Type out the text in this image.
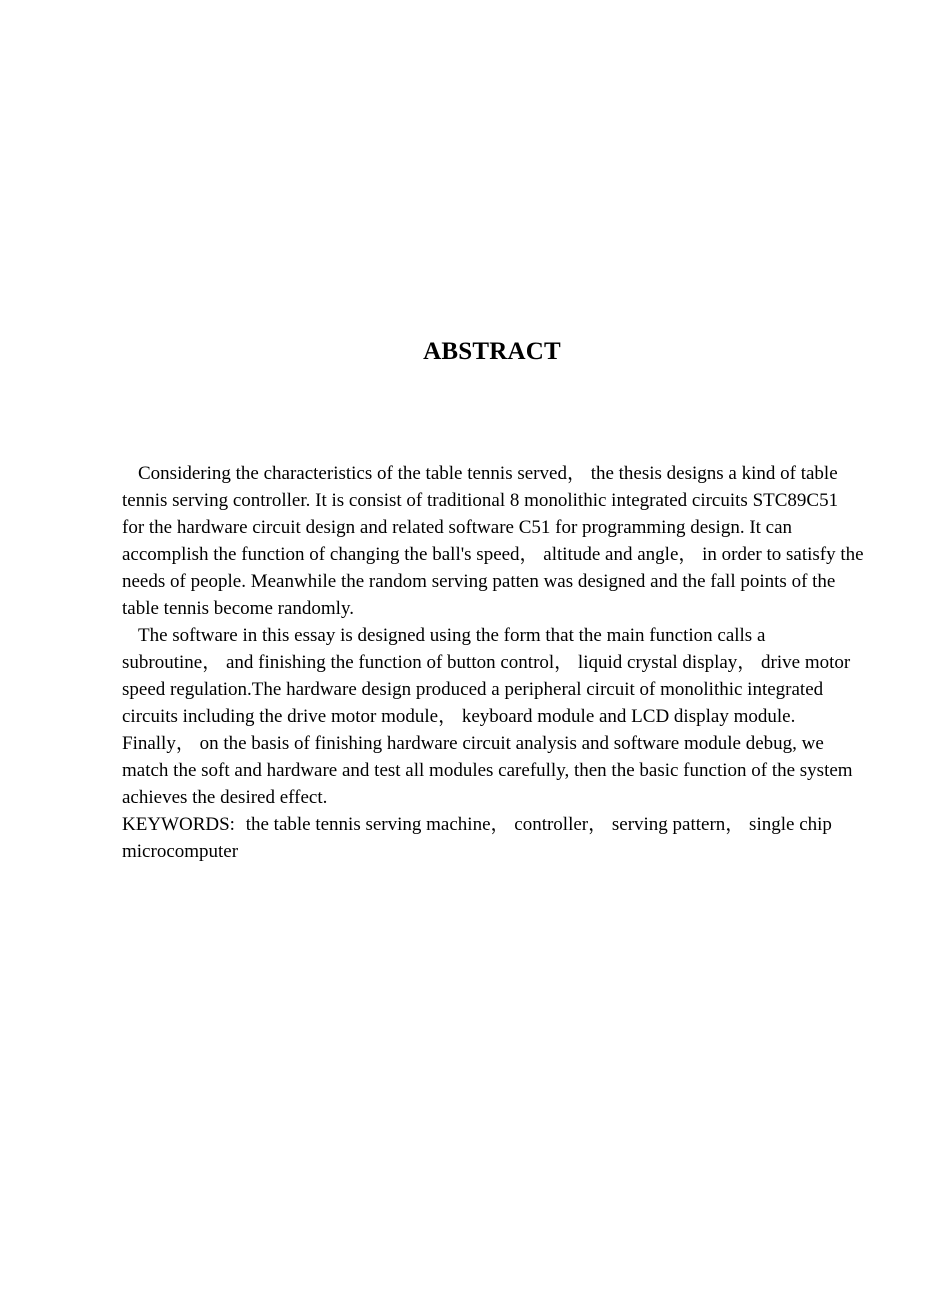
ABSTRACT

Considering the characteristics of the table tennis served， the thesis designs a kind of table tennis serving controller. It is consist of traditional 8 monolithic integrated circuits STC89C51 for the hardware circuit design and related software C51 for programming design. It can accomplish the function of changing the ball's speed， altitude and angle， in order to satisfy the needs of people. Meanwhile the random serving patten was designed and the fall points of the table tennis become randomly.

The software in this essay is designed using the form that the main function calls a subroutine， and finishing the function of button control， liquid crystal display， drive motor speed regulation.The hardware design produced a peripheral circuit of monolithic integrated circuits including the drive motor module， keyboard module and LCD display module. Finally， on the basis of finishing hardware circuit analysis and software module debug, we match the soft and hardware and test all modules carefully, then the basic function of the system achieves the desired effect.

KEYWORDS: the table tennis serving machine， controller， serving pattern， single chip microcomputer
